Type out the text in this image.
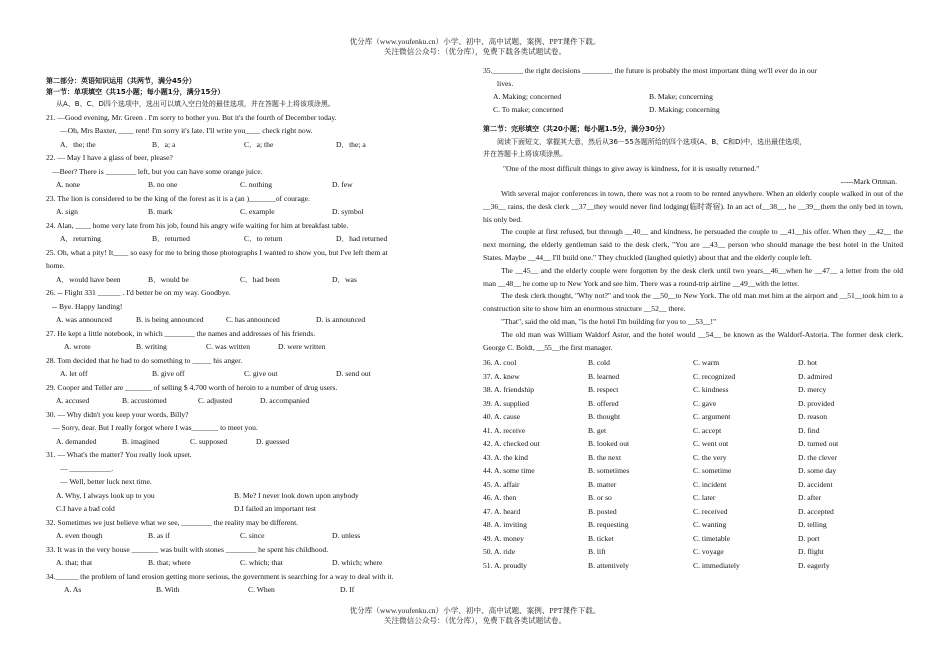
优分库（www.youfenku.cn）小学、初中、高中试题、案例、PPT课件下载。
关注微信公众号：（优分库），免费下载各类试题试卷。
第二部分：英语知识运用（共两节，满分45分）
第一节：单项填空（共15小题；每小题1分，满分15分）
从A、B、C、D四个选项中，选出可以填入空白处的最佳选项，并在答题卡上将该项涂黑。
21. —Good evening, Mr. Green . I'm sorry to bother you. But it's the fourth of December today.
—Oh, Mrs Baxter, ____ rent! I'm sorry it's late. I'll write you____ check right now.
A．the; the	B．a; a	C．a; the	D．the; a
22. — May I have a glass of beer, please?
—Beer? There is ________ left, but you can have some orange juice.
A. none	B. no one	C. nothing	D. few
23. The lion is considered to be the king of the forest as it is a (an )_______of courage.
A. sign	B. mark	C. example	D. symbol
24. Alan, ____ home very late from his job, found his angry wife waiting for him at breakfast table.
A．returning	B．returned	C．to return	D．had returned
25. Oh, what a pity! It____ so easy for me to bring those photographs I wanted to show you, but I've left them at
home.
A．would have been	B．would be	C．had been	D．was
26. -- Flight 331 ______ . I'd better be on my way. Goodbye.
-- Bye. Happy landing!
A. was announced	B. is being announced	C. has announced	D. is announced
27. He kept a little notebook, in which ________ the names and addresses of his friends.
A. wrote	B. writing	C. was written	D. were written
28. Tom decided that he had to do something to _____ his anger.
A. let off	B. give off	C. give out	D. send out
29. Cooper and Teller are _______ of selling $ 4,700 worth of heroin to a number of drug users.
A. accused	B. accustomed	C. adjusted	D. accompanied
30. — Why didn't you keep your words, Billy?
— Sorry, dear. But I really forgot where I was_______ to meet you.
A. demanded	B. imagined	C. supposed	D. guessed
31. — What's the matter? You really look upset.
— ___________.
— Well, better luck next time.
A. Why, I always look up to you	B. Me? I never look down upon anybody
C.I have a bad cold	D.I failed an important test
32. Sometimes we just believe what we see, ________ the reality may be different.
A. even though	B. as if	C. since	D. unless
33. It was in the very house _______ was built with stones ________ he spent his childhood.
A. that; that	B. that; where	C. which; that	D. which; where
34.______ the problem of land erosion getting more serious, the government is searching for a way to deal with it.
A. As	B. With	C. When	D. If
35.________ the right decisions ________ the future is probably the most important thing we'll ever do in our
lives.
A. Making; concerned	B. Make; concerning
C. To make; concerned	D. Making; concerning
第二节：完形填空（共20小题；每小题1.5分，满分30分）
阅读下面短文，掌握其大意，然后从36－55各题所给的四个选项(A、B、C和D)中，选出最佳选项，
并在答题卡上将该项涂黑。
"One of the most difficult things to give away is kindness, for it is usually returned."
-----Mark Ortman.
With several major conferences in town, there was not a room to be rented anywhere. When an elderly couple walked in out of the __36__ rains, the desk clerk __37__they would never find lodging(临时寄宿). In an act of__38__, he __39__them the only bed in town, his only bed.
The couple at first refused, but through __40__ and kindness, he persuaded the couple to __41__his offer. When they __42__ the next morning, the elderly gentleman said to the desk clerk, "You are __43__ person who should manage the best hotel in the United States. Maybe __44__ I'll build one." They chuckled (laughed quietly) about that and the elderly couple left.
The __45__ and the elderly couple were forgotten by the desk clerk until two years__46__when he __47__ a letter from the old man __48__ he come up to New York and see him. There was a round-trip airline __49__with the letter.
The desk clerk thought, "Why not?" and took the __50__to New York. The old man met him at the airport and __51__took him to a construction site to show him an enormous structure __52__ there.
"That", said the old man, "is the hotel I'm building for you to __53__!"
The old man was William Waldorf Astor, and the hotel would __54__ be known as the Waldorf-Astoria. The former desk clerk, George C. Boldt, __55__the first manager.
36. A. cool	B. cold	C. warm	D. hot
37. A. knew	B. learned	C. recognized	D. admired
38. A. friendship	B. respect	C. kindness	D. mercy
39. A. supplied	B. offered	C. gave	D. provided
40. A. cause	B. thought	C. argument	D. reason
41. A. receive	B. get	C. accept	D. find
42. A. checked out	B. looked out	C. went out	D. turned out
43. A. the kind	B. the next	C. the very	D. the clever
44. A. some time	B. sometimes	C. sometime	D. some day
45. A. affair	B. matter	C. incident	D. accident
46. A. then	B. or so	C. later	D. after
47. A. heard	B. posted	C. received	D. accepted
48. A. inviting	B. requesting	C. wanting	D. telling
49. A. money	B. ticket	C. timetable	D. port
50. A. ride	B. lift	C. voyage	D. flight
51. A. proudly	B. attentively	C. immediately	D. eagerly
优分库（www.youfenku.cn）小学、初中、高中试题、案例、PPT课件下载。
关注微信公众号：（优分库），免费下载各类试题试卷。
